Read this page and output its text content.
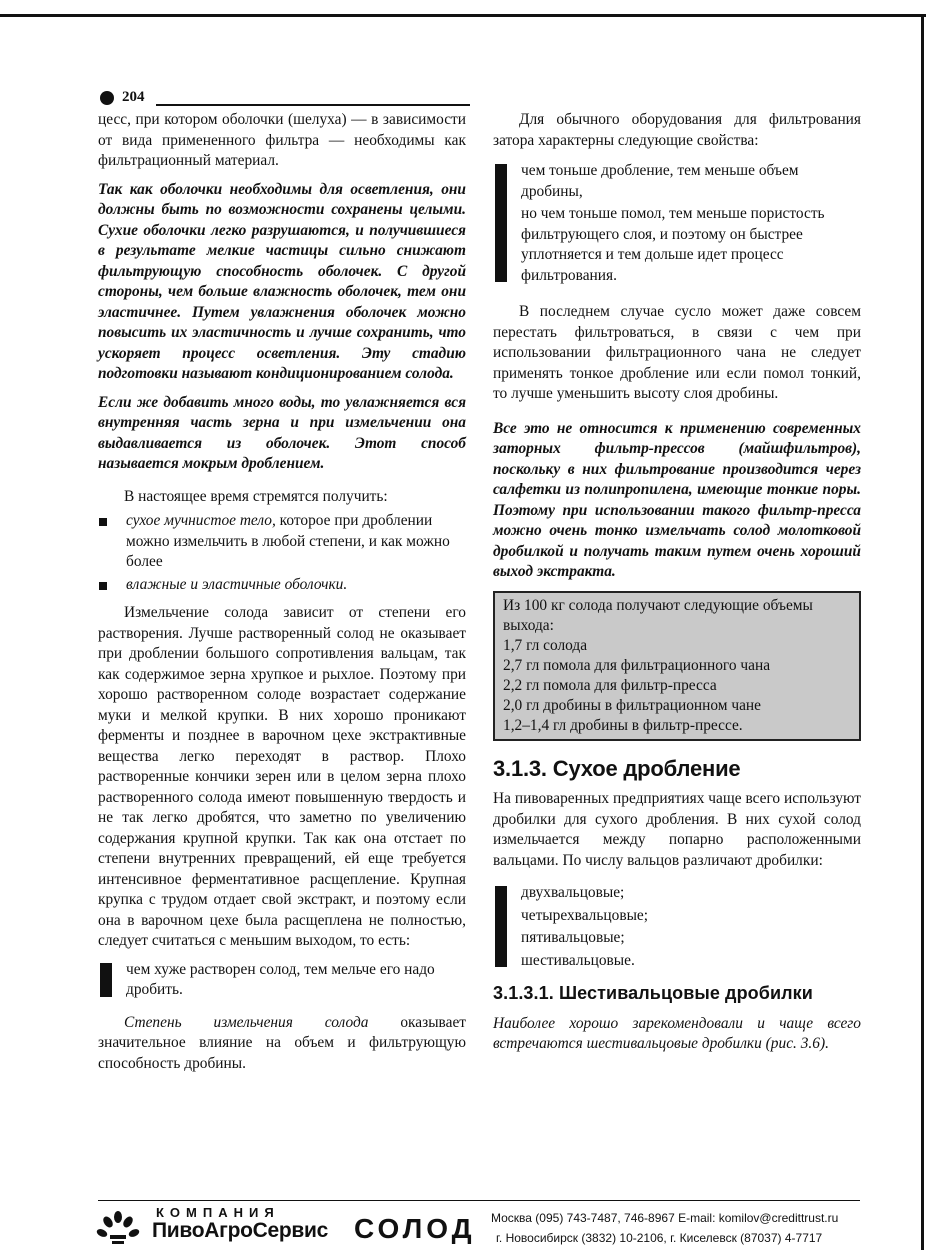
204

цесс, при котором оболочки (шелуха) — в зависимости от вида примененного фильтра — необходимы как фильтрационный материал.

Так как оболочки необходимы для осветления, они должны быть по возможности сохранены целыми. Сухие оболочки легко разрушаются, и получившиеся в результате мелкие частицы сильно снижают фильтрующую способность оболочек. С другой стороны, чем больше влажность оболочек, тем они эластичнее. Путем увлажнения оболочек можно повысить их эластичность и лучше сохранить, что ускоряет процесс осветления. Эту стадию подготовки называют кондиционированием солода.

Если же добавить много воды, то увлажняется вся внутренняя часть зерна и при измельчении она выдавливается из оболочек. Этот способ называется мокрым дроблением.

В настоящее время стремятся получить:

сухое мучнистое тело, которое при дроблении можно измельчить в любой степени, и как можно более
влажные и эластичные оболочки.

Измельчение солода зависит от степени его растворения. Лучше растворенный солод не оказывает при дроблении большого сопротивления вальцам, так как содержимое зерна хрупкое и рыхлое. Поэтому при хорошо растворенном солоде возрастает содержание муки и мелкой крупки. В них хорошо проникают ферменты и позднее в варочном цехе экстрактивные вещества легко переходят в раствор. Плохо растворенные кончики зерен или в целом зерна плохо растворенного солода имеют повышенную твердость и не так легко дробятся, что заметно по увеличению содержания крупной крупки. Так как она отстает по степени внутренних превращений, ей еще требуется интенсивное ферментативное расщепление. Крупная крупка с трудом отдает свой экстракт, и поэтому если она в варочном цехе была расщеплена не полностью, следует считаться с меньшим выходом, то есть:

чем хуже растворен солод, тем мельче его надо дробить.

Степень измельчения солода оказывает значительное влияние на объем и фильтрующую способность дробины.

Для обычного оборудования для фильтрования затора характерны следующие свойства:

чем тоньше дробление, тем меньше объем дробины,
но чем тоньше помол, тем меньше пористость фильтрующего слоя, и поэтому он быстрее уплотняется и тем дольше идет процесс фильтрования.

В последнем случае сусло может даже совсем перестать фильтроваться, в связи с чем при использовании фильтрационного чана не следует применять тонкое дробление или если помол тонкий, то лучше уменьшить высоту слоя дробины.

Все это не относится к применению современных заторных фильтр-прессов (майшфильтров), поскольку в них фильтрование производится через салфетки из полипропилена, имеющие тонкие поры. Поэтому при использовании такого фильтр-пресса можно очень тонко измельчать солод молотковой дробилкой и получать таким путем очень хороший выход экстракта.

Из 100 кг солода получают следующие объемы выхода:
1,7 гл солода
2,7 гл помола для фильтрационного чана
2,2 гл помола для фильтр-пресса
2,0 гл дробины в фильтрационном чане
1,2–1,4 гл дробины в фильтр-прессе.
3.1.3. Сухое дробление

На пивоваренных предприятиях чаще всего используют дробилки для сухого дробления. В них сухой солод измельчается между попарно расположенными вальцами. По числу вальцов различают дробилки:

двухвальцовые;
четырехвальцовые;
пятивальцовые;
шестивальцовые.
3.1.3.1. Шестивальцовые дробилки

Наиболее хорошо зарекомендовали и чаще всего встречаются шестивальцовые дробилки (рис. 3.6).

КОМПАНИЯ
ПивоАгроСервис СОЛОД Москва (095) 743-7487, 746-8967 E-mail: komilov@credittrust.ru
г. Новосибирск (3832) 10-2106, г. Киселевск (87037) 4-7717
